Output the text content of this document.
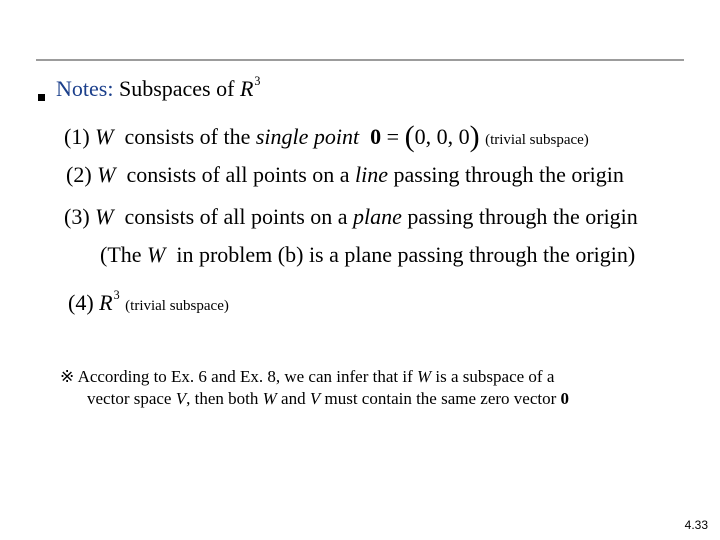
Notes: Subspaces of $R^3$
(1) W consists of the single point 0 = (0, 0, 0) (trivial subspace)
(2) W consists of all points on a line passing through the origin
(3) W consists of all points on a plane passing through the origin
(The W in problem (b) is a plane passing through the origin)
(4) $R^3$ (trivial subspace)
※ According to Ex. 6 and Ex. 8, we can infer that if W is a subspace of a
vector space V, then both W and V must contain the same zero vector 0
4.33
